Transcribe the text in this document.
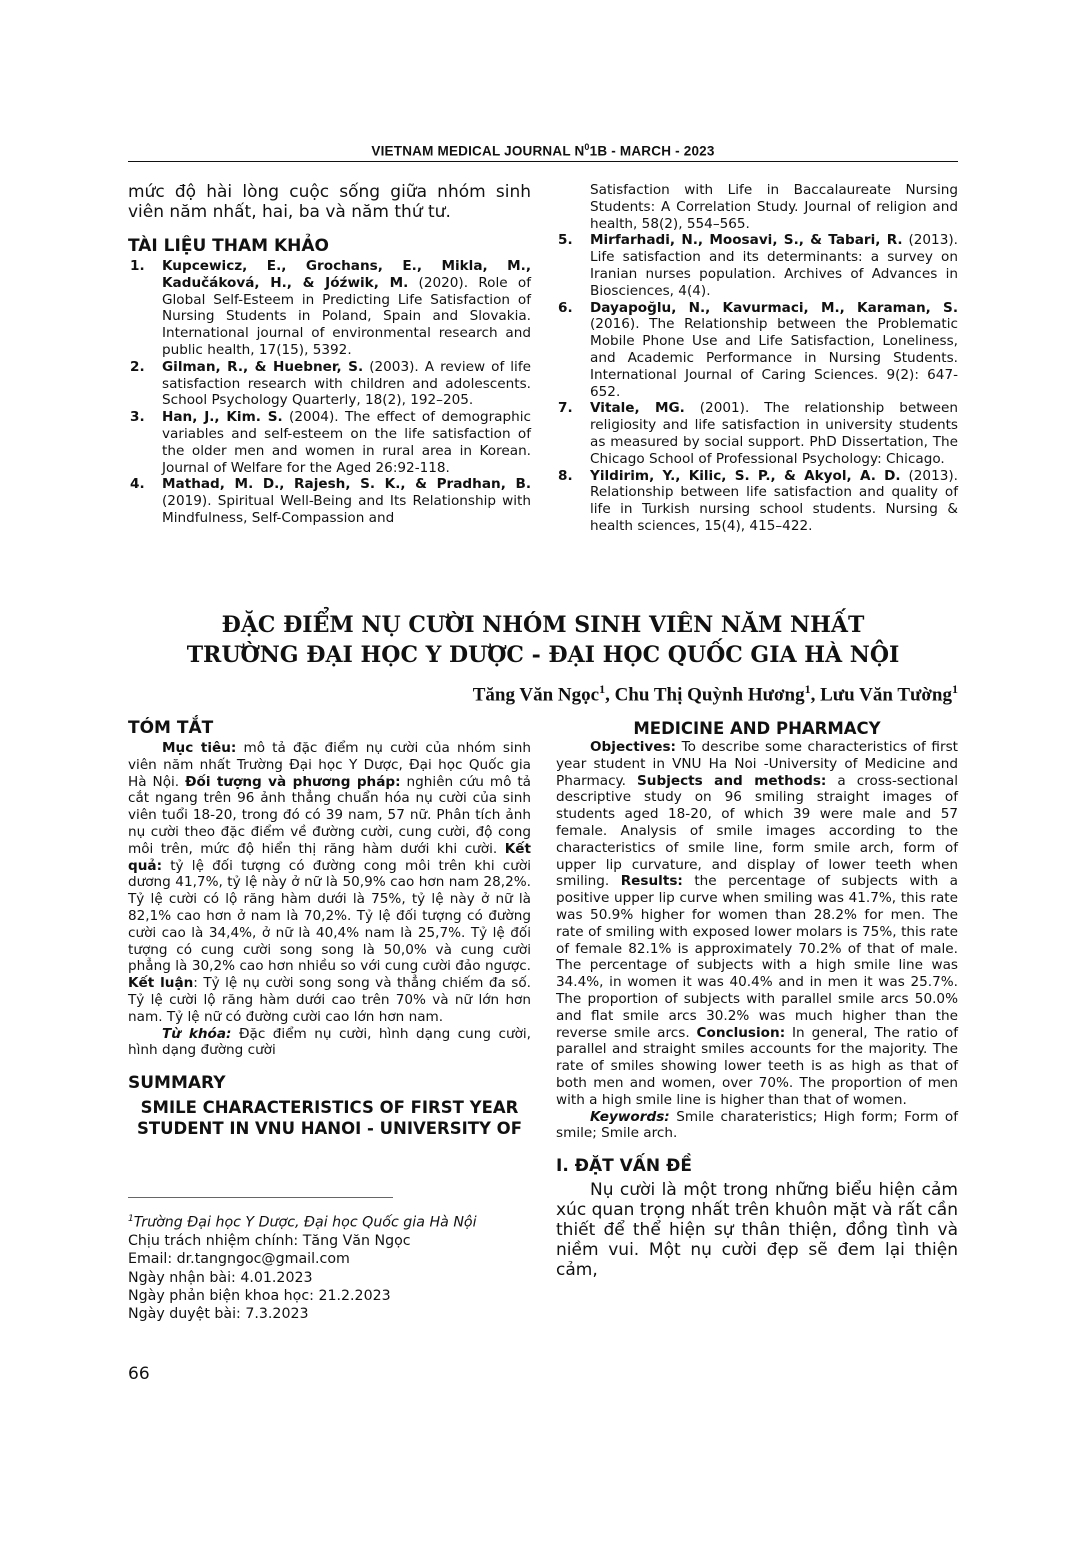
VIETNAM MEDICAL JOURNAL $N^01B$ - MARCH - 2023

mức độ hài lòng cuộc sống giữa nhóm sinh viên năm nhất, hai, ba và năm thứ tư.

TÀI LIỆU THAM KHẢO
1. Kupcewicz, E., Grochans, E., Mikla, M., Kadučáková, H., & Jóźwik, M. (2020). Role of Global Self-Esteem in Predicting Life Satisfaction of Nursing Students in Poland, Spain and Slovakia. International journal of environmental research and public health, 17(15), 5392.
2. Gilman, R., & Huebner, S. (2003). A review of life satisfaction research with children and adolescents. School Psychology Quarterly, 18(2), 192–205.
3. Han, J., Kim. S. (2004). The effect of demographic variables and self-esteem on the life satisfaction of the older men and women in rural area in Korean. Journal of Welfare for the Aged 26:92-118.
4. Mathad, M. D., Rajesh, S. K., & Pradhan, B. (2019). Spiritual Well-Being and Its Relationship with Mindfulness, Self-Compassion and
Satisfaction with Life in Baccalaureate Nursing Students: A Correlation Study. Journal of religion and health, 58(2), 554–565.
5. Mirfarhadi, N., Moosavi, S., & Tabari, R. (2013). Life satisfaction and its determinants: a survey on Iranian nurses population. Archives of Advances in Biosciences, 4(4).
6. Dayapoğlu, N., Kavurmaci, M., Karaman, S. (2016). The Relationship between the Problematic Mobile Phone Use and Life Satisfaction, Loneliness, and Academic Performance in Nursing Students. International Journal of Caring Sciences. 9(2): 647-652.
7. Vitale, MG. (2001). The relationship between religiosity and life satisfaction in university students as measured by social support. PhD Dissertation, The Chicago School of Professional Psychology: Chicago.
8. Yildirim, Y., Kilic, S. P., & Akyol, A. D. (2013). Relationship between life satisfaction and quality of life in Turkish nursing school students. Nursing & health sciences, 15(4), 415–422.
ĐẶC ĐIỂM NỤ CƯỜI NHÓM SINH VIÊN NĂM NHẤT
TRƯỜNG ĐẠI HỌC Y DƯỢC - ĐẠI HỌC QUỐC GIA HÀ NỘI
Tăng Văn Ngọc$^1$, Chu Thị Quỳnh Hương$^1$, Lưu Văn Tường$^1$
TÓM TẮT

Mục tiêu: mô tả đặc điểm nụ cười của nhóm sinh viên năm nhất Trường Đại học Y Dược, Đại học Quốc gia Hà Nội. Đối tượng và phương pháp: nghiên cứu mô tả cắt ngang trên 96 ảnh thẳng chuẩn hóa nụ cười của sinh viên tuổi 18-20, trong đó có 39 nam, 57 nữ. Phân tích ảnh nụ cười theo đặc điểm về đường cười, cung cười, độ cong môi trên, mức độ hiển thị răng hàm dưới khi cười. Kết quả: tỷ lệ đối tượng có đường cong môi trên khi cười dương 41,7%, tỷ lệ này ở nữ là 50,9% cao hơn nam 28,2%. Tỷ lệ cười có lộ răng hàm dưới là 75%, tỷ lệ này ở nữ là 82,1% cao hơn ở nam là 70,2%. Tỷ lệ đối tượng có đường cười cao là 34,4%, ở nữ là 40,4% nam là 25,7%. Tỷ lệ đối tượng có cung cười song song là 50,0% và cung cười phẳng là 30,2% cao hơn nhiều so với cung cười đảo ngược. Kết luận: Tỷ lệ nụ cười song song và thẳng chiếm đa số. Tỷ lệ cười lộ răng hàm dưới cao trên 70% và nữ lớn hơn nam. Tỷ lệ nữ có đường cười cao lớn hơn nam.

Từ khóa: Đặc điểm nụ cười, hình dạng cung cười, hình dạng đường cười

SUMMARY
SMILE CHARACTERISTICS OF FIRST YEAR
STUDENT IN VNU HANOI - UNIVERSITY OF
$^1$Trường Đại học Y Dược, Đại học Quốc gia Hà Nội
Chịu trách nhiệm chính: Tăng Văn Ngọc
Email: dr.tangngoc@gmail.com
Ngày nhận bài: 4.01.2023
Ngày phản biện khoa học: 21.2.2023
Ngày duyệt bài: 7.3.2023
66
MEDICINE AND PHARMACY

Objectives: To describe some characteristics of first year student in VNU Ha Noi -University of Medicine and Pharmacy. Subjects and methods: a cross-sectional descriptive study on 96 smiling straight images of students aged 18-20, of which 39 were male and 57 female. Analysis of smile images according to the characteristics of smile line, form smile arch, form of upper lip curvature, and display of lower teeth when smiling. Results: the percentage of subjects with a positive upper lip curve when smiling was 41.7%, this rate was 50.9% higher for women than 28.2% for men. The rate of smiling with exposed lower molars is 75%, this rate of female 82.1% is approximately 70.2% of that of male. The percentage of subjects with a high smile line was 34.4%, in women it was 40.4% and in men it was 25.7%. The proportion of subjects with parallel smile arcs 50.0% and flat smile arcs 30.2% was much higher than the reverse smile arcs. Conclusion: In general, The ratio of parallel and straight smiles accounts for the majority. The rate of smiles showing lower teeth is as high as that of both men and women, over 70%. The proportion of men with a high smile line is higher than that of women.

Keywords: Smile charateristics; High form; Form of smile; Smile arch.

I. ĐẶT VẤN ĐỀ

Nụ cười là một trong những biểu hiện cảm xúc quan trọng nhất trên khuôn mặt và rất cần thiết để thể hiện sự thân thiện, đồng tình và niềm vui. Một nụ cười đẹp sẽ đem lại thiện cảm,
